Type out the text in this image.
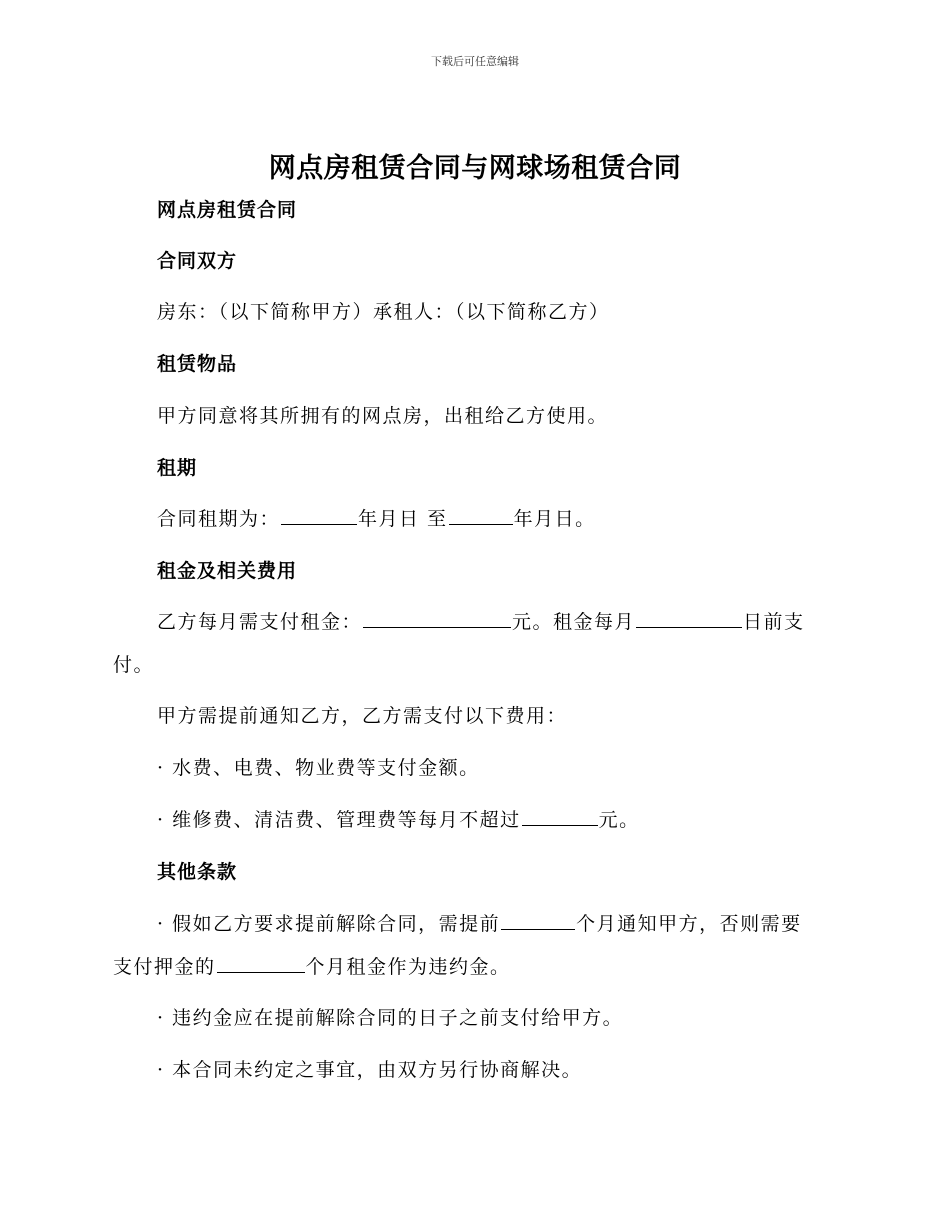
下载后可任意编辑
网点房租赁合同与网球场租赁合同
网点房租赁合同
合同双方
房东：（以下简称甲方）承租人：（以下简称乙方）
租赁物品
甲方同意将其所拥有的网点房，出租给乙方使用。
租期
合同租期为：	年月日 至	年月日。
租金及相关费用
乙方每月需支付租金：	元。租金每月	日前支
付。
甲方需提前通知乙方，乙方需支付以下费用：
· 水费、电费、物业费等支付金额。
· 维修费、清洁费、管理费等每月不超过	元。
其他条款
· 假如乙方要求提前解除合同，需提前	个月通知甲方，否则需要
支付押金的	个月租金作为违约金。
· 违约金应在提前解除合同的日子之前支付给甲方。
· 本合同未约定之事宜，由双方另行协商解决。
